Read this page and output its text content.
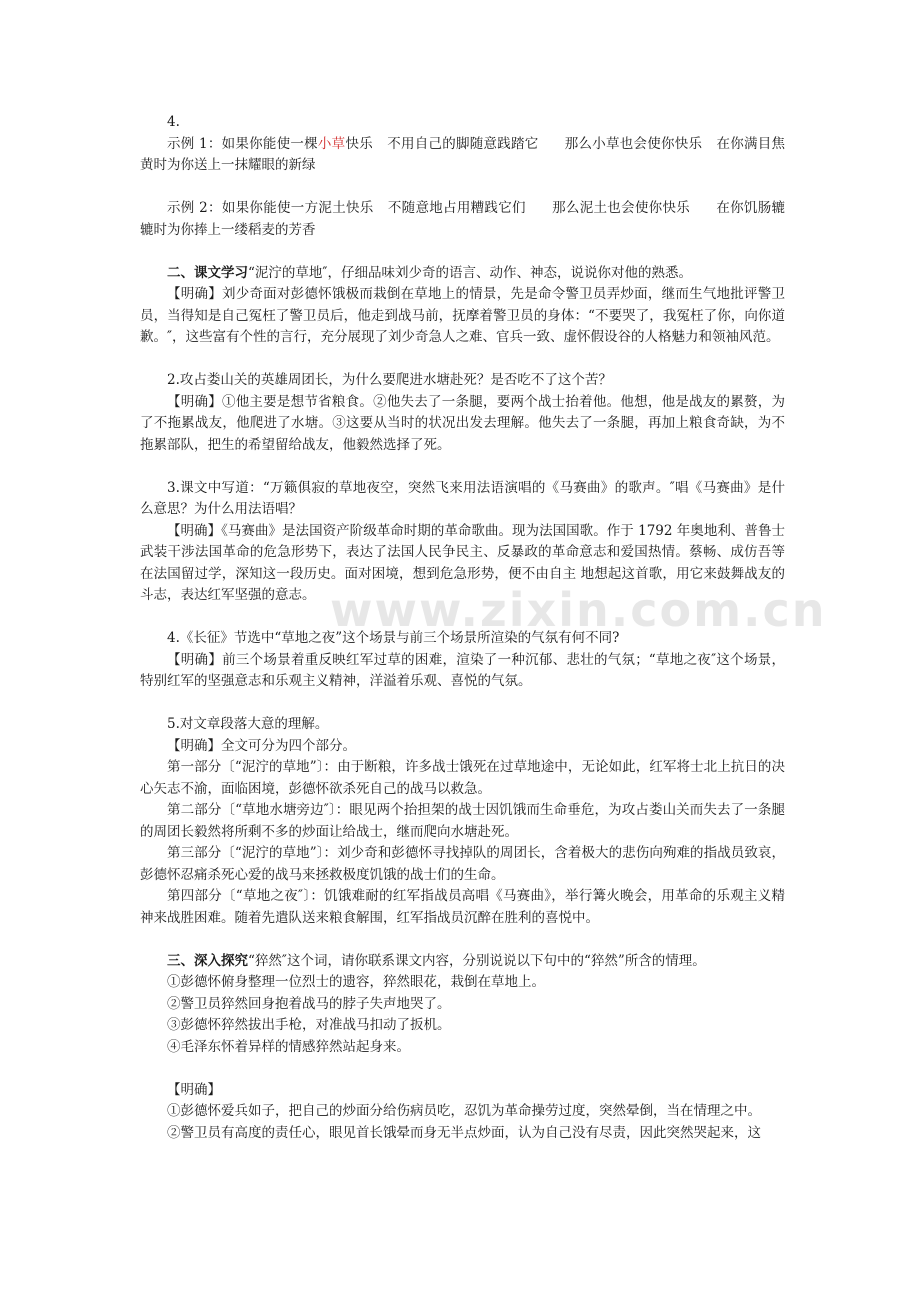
www.zixin.com.cn

4.

示例 1：如果你能使一棵小草快乐 不用自己的脚随意践踏它 那么小草也会使你快乐 在你满目焦黄时为你送上一抹耀眼的新绿

示例 2：如果你能使一方泥土快乐 不随意地占用糟践它们 那么泥土也会使你快乐 在你饥肠辘辘时为你捧上一缕稻麦的芳香

二、课文学习“泥泞的草地″，仔细品味刘少奇的语言、动作、神态，说说你对他的熟悉。

【明确】刘少奇面对彭德怀饿极而栽倒在草地上的情景，先是命令警卫员弄炒面，继而生气地批评警卫员，当得知是自己冤枉了警卫员后，他走到战马前，抚摩着警卫员的身体：“不要哭了，我冤枉了你，向你道歉。″，这些富有个性的言行，充分展现了刘少奇急人之难、官兵一致、虚怀假设谷的人格魅力和领袖风范。

2.攻占娄山关的英雄周团长，为什么要爬进水塘赴死？是否吃不了这个苦？

【明确】①他主要是想节省粮食。②他失去了一条腿，要两个战士抬着他。他想，他是战友的累赘，为了不拖累战友，他爬进了水塘。③这要从当时的状况出发去理解。他失去了一条腿，再加上粮食奇缺，为不拖累部队，把生的希望留给战友，他毅然选择了死。

3.课文中写道：“万籁俱寂的草地夜空，突然飞来用法语演唱的《马赛曲》的歌声。″唱《马赛曲》是什么意思？为什么用法语唱？

【明确】《马赛曲》是法国资产阶级革命时期的革命歌曲。现为法国国歌。作于 1792 年奥地利、普鲁士武装干涉法国革命的危急形势下，表达了法国人民争民主、反暴政的革命意志和爱国热情。蔡畅、成仿吾等在法国留过学，深知这一段历史。面对困境，想到危急形势，便不由自主 地想起这首歌，用它来鼓舞战友的斗志，表达红军坚强的意志。

4.《长征》节选中“草地之夜”这个场景与前三个场景所渲染的气氛有何不同?

【明确】前三个场景着重反映红军过草的困难，渲染了一种沉郁、悲壮的气氛；“草地之夜″这个场景，特别红军的坚强意志和乐观主义精神，洋溢着乐观、喜悦的气氛。

5.对文章段落大意的理解。

【明确】全文可分为四个部分。

第一部分〔“泥泞的草地”〕：由于断粮，许多战士饿死在过草地途中，无论如此，红军将士北上抗日的决心矢志不渝，面临困境，彭德怀欲杀死自己的战马以救急。

第二部分〔“草地水塘旁边″〕：眼见两个抬担架的战士因饥饿而生命垂危，为攻占娄山关而失去了一条腿的周团长毅然将所剩不多的炒面让给战士，继而爬向水塘赴死。

第三部分〔“泥泞的草地”〕：刘少奇和彭德怀寻找掉队的周团长，含着极大的悲伤向殉难的指战员致哀，彭德怀忍痛杀死心爱的战马来拯救极度饥饿的战士们的生命。

第四部分〔“草地之夜″〕：饥饿难耐的红军指战员高唱《马赛曲》，举行篝火晚会，用革命的乐观主义精神来战胜困难。随着先遣队送来粮食解围，红军指战员沉醉在胜利的喜悦中。

三、深入探究“猝然″这个词，请你联系课文内容，分别说说以下句中的“猝然”所含的情理。

①彭德怀俯身整理一位烈士的遗容，猝然眼花，栽倒在草地上。

②警卫员猝然回身抱着战马的脖子失声地哭了。

③彭德怀猝然拔出手枪，对准战马扣动了扳机。

④毛泽东怀着异样的情感猝然站起身来。

【明确】

①彭德怀爱兵如子，把自己的炒面分给伤病员吃，忍饥为革命操劳过度，突然晕倒，当在情理之中。

②警卫员有高度的责任心，眼见首长饿晕而身无半点炒面，认为自己没有尽责，因此突然哭起来，这
